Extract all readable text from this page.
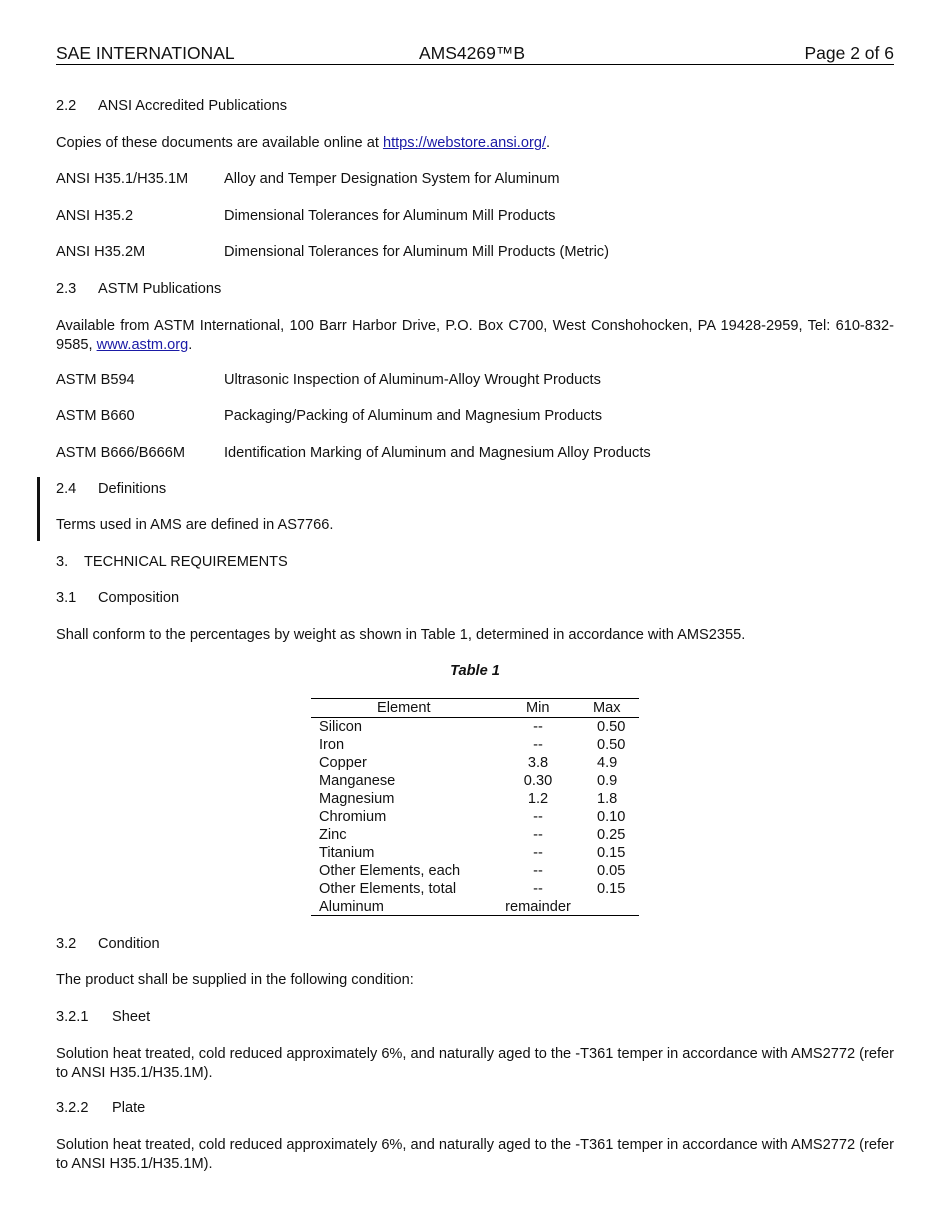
SAE INTERNATIONAL	AMS4269™B	Page 2 of 6
2.2 ANSI Accredited Publications
Copies of these documents are available online at https://webstore.ansi.org/.
ANSI H35.1/H35.1M Alloy and Temper Designation System for Aluminum
ANSI H35.2	Dimensional Tolerances for Aluminum Mill Products
ANSI H35.2M	Dimensional Tolerances for Aluminum Mill Products (Metric)
2.3 ASTM Publications
Available from ASTM International, 100 Barr Harbor Drive, P.O. Box C700, West Conshohocken, PA 19428-2959, Tel: 610-832-9585, www.astm.org.
ASTM B594	Ultrasonic Inspection of Aluminum-Alloy Wrought Products
ASTM B660	Packaging/Packing of Aluminum and Magnesium Products
ASTM B666/B666M	Identification Marking of Aluminum and Magnesium Alloy Products
2.4 Definitions
Terms used in AMS are defined in AS7766.
3. TECHNICAL REQUIREMENTS
3.1 Composition
Shall conform to the percentages by weight as shown in Table 1, determined in accordance with AMS2355.
Table 1
Element	Min	Max
Silicon	--	0.50
Iron	--	0.50
Copper	3.8	4.9
Manganese	0.30	0.9
Magnesium	1.2	1.8
Chromium	--	0.10
Zinc	--	0.25
Titanium	--	0.15
Other Elements, each	--	0.05
Other Elements, total	--	0.15
Aluminum	remainder
3.2 Condition
The product shall be supplied in the following condition:
3.2.1 Sheet
Solution heat treated, cold reduced approximately 6%, and naturally aged to the -T361 temper in accordance with AMS2772 (refer to ANSI H35.1/H35.1M).
3.2.2 Plate
Solution heat treated, cold reduced approximately 6%, and naturally aged to the -T361 temper in accordance with AMS2772 (refer to ANSI H35.1/H35.1M).
